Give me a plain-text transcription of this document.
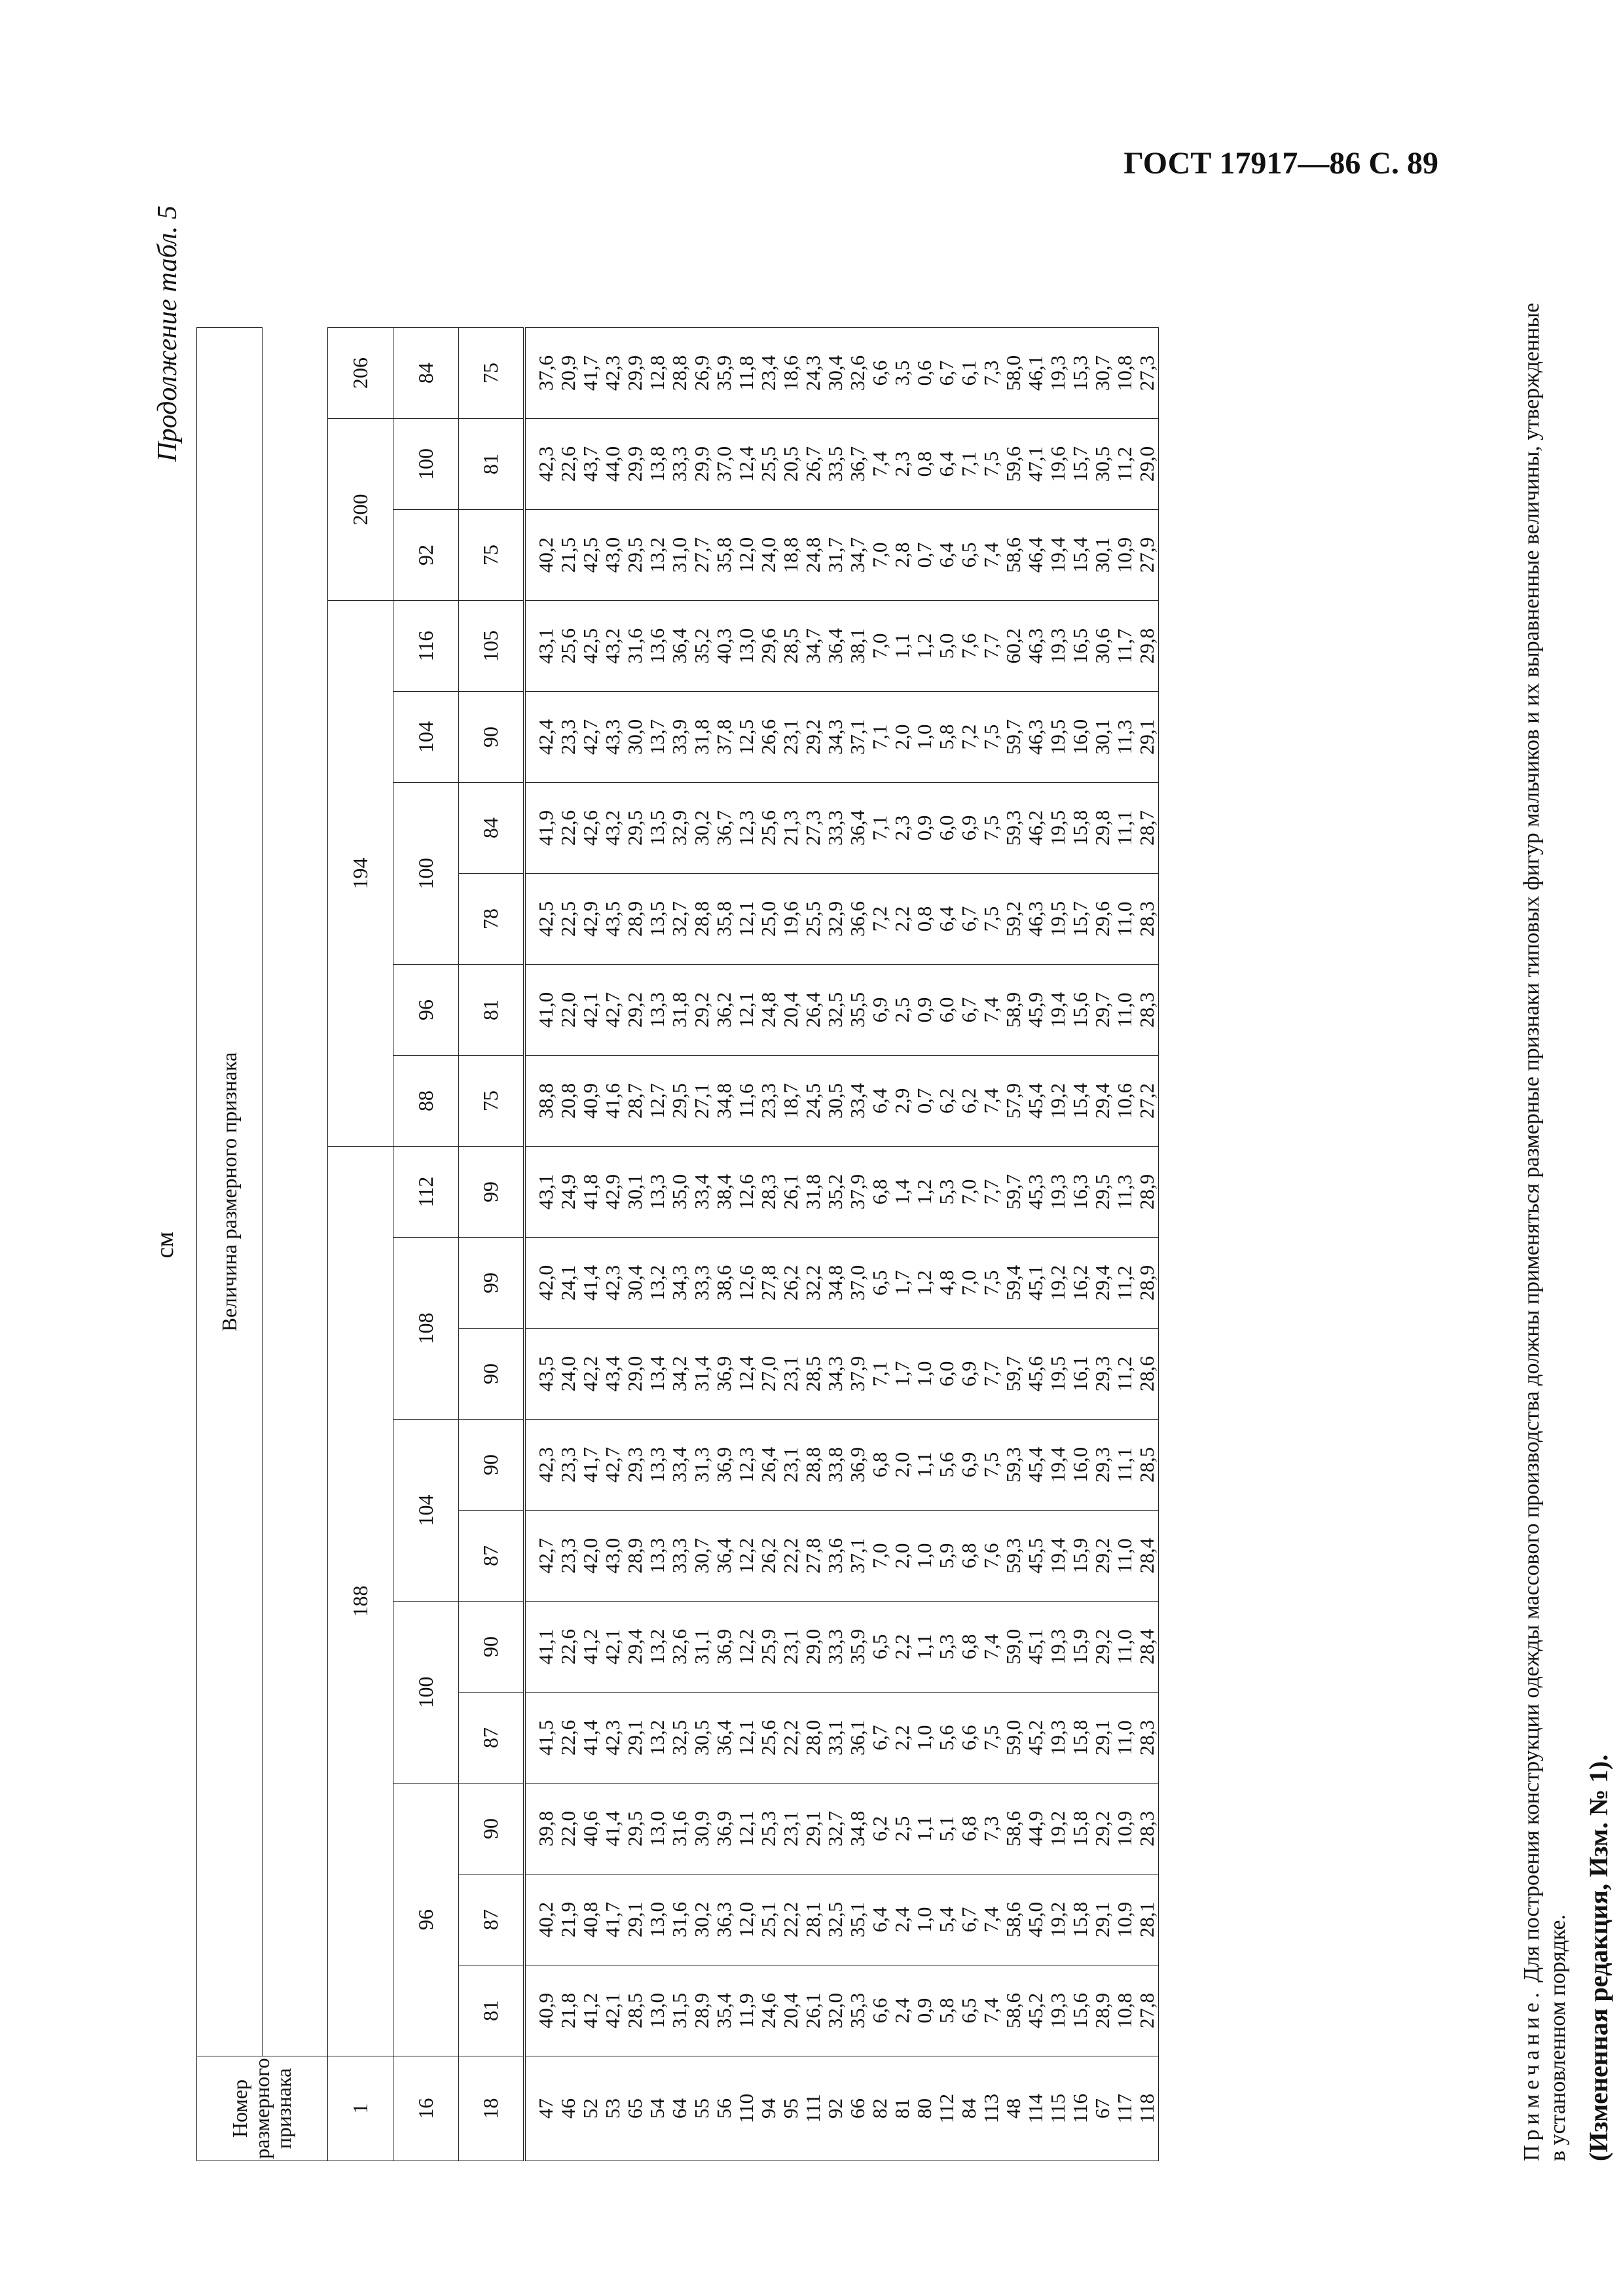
ГОСТ 17917—86 С. 89
Продолжение табл. 5
см
Номер размерного признака	Величина размерного признака																		

1	188										194						200		206
16	96			100		104		108		112	88	96	100		104	116	92	100	84
18	81	87	90	87	90	87	90	90	99	99	75	81	78	84	90	105	75	81	75
47	40,9	40,2	39,8	41,5	41,1	42,7	42,3	43,5	42,0	43,1	38,8	41,0	42,5	41,9	42,4	43,1	40,2	42,3	37,6
46	21,8	21,9	22,0	22,6	22,6	23,3	23,3	24,0	24,1	24,9	20,8	22,0	22,5	22,6	23,3	25,6	21,5	22,6	20,9
52	41,2	40,8	40,6	41,4	41,2	42,0	41,7	42,2	41,4	41,8	40,9	42,1	42,9	42,6	42,7	42,5	42,5	43,7	41,7
53	42,1	41,7	41,4	42,3	42,1	43,0	42,7	43,4	42,3	42,9	41,6	42,7	43,5	43,2	43,3	43,2	43,0	44,0	42,3
65	28,5	29,1	29,5	29,1	29,4	28,9	29,3	29,0	30,4	30,1	28,7	29,2	28,9	29,5	30,0	31,6	29,5	29,9	29,9
54	13,0	13,0	13,0	13,2	13,2	13,3	13,3	13,4	13,2	13,3	12,7	13,3	13,5	13,5	13,7	13,6	13,2	13,8	12,8
64	31,5	31,6	31,6	32,5	32,6	33,3	33,4	34,2	34,3	35,0	29,5	31,8	32,7	32,9	33,9	36,4	31,0	33,3	28,8
55	28,9	30,2	30,9	30,5	31,1	30,7	31,3	31,4	33,3	33,4	27,1	29,2	28,8	30,2	31,8	35,2	27,7	29,9	26,9
56	35,4	36,3	36,9	36,4	36,9	36,4	36,9	36,9	38,6	38,4	34,8	36,2	35,8	36,7	37,8	40,3	35,8	37,0	35,9
110	11,9	12,0	12,1	12,1	12,2	12,2	12,3	12,4	12,6	12,6	11,6	12,1	12,1	12,3	12,5	13,0	12,0	12,4	11,8
94	24,6	25,1	25,3	25,6	25,9	26,2	26,4	27,0	27,8	28,3	23,3	24,8	25,0	25,6	26,6	29,6	24,0	25,5	23,4
95	20,4	22,2	23,1	22,2	23,1	22,2	23,1	23,1	26,2	26,1	18,7	20,4	19,6	21,3	23,1	28,5	18,8	20,5	18,6
111	26,1	28,1	29,1	28,0	29,0	27,8	28,8	28,5	32,2	31,8	24,5	26,4	25,5	27,3	29,2	34,7	24,8	26,7	24,3
92	32,0	32,5	32,7	33,1	33,3	33,6	33,8	34,3	34,8	35,2	30,5	32,5	32,9	33,3	34,3	36,4	31,7	33,5	30,4
66	35,3	35,1	34,8	36,1	35,9	37,1	36,9	37,9	37,0	37,9	33,4	35,5	36,6	36,4	37,1	38,1	34,7	36,7	32,6
82	6,6	6,4	6,2	6,7	6,5	7,0	6,8	7,1	6,5	6,8	6,4	6,9	7,2	7,1	7,1	7,0	7,0	7,4	6,6
81	2,4	2,4	2,5	2,2	2,2	2,0	2,0	1,7	1,7	1,4	2,9	2,5	2,2	2,3	2,0	1,1	2,8	2,3	3,5
80	0,9	1,0	1,1	1,0	1,1	1,0	1,1	1,0	1,2	1,2	0,7	0,9	0,8	0,9	1,0	1,2	0,7	0,8	0,6
112	5,8	5,4	5,1	5,6	5,3	5,9	5,6	6,0	4,8	5,3	6,2	6,0	6,4	6,0	5,8	5,0	6,4	6,4	6,7
84	6,5	6,7	6,8	6,6	6,8	6,8	6,9	6,9	7,0	7,0	6,2	6,7	6,7	6,9	7,2	7,6	6,5	7,1	6,1
113	7,4	7,4	7,3	7,5	7,4	7,6	7,5	7,7	7,5	7,7	7,4	7,4	7,5	7,5	7,5	7,7	7,4	7,5	7,3
48	58,6	58,6	58,6	59,0	59,0	59,3	59,3	59,7	59,4	59,7	57,9	58,9	59,2	59,3	59,7	60,2	58,6	59,6	58,0
114	45,2	45,0	44,9	45,2	45,1	45,5	45,4	45,6	45,1	45,3	45,4	45,9	46,3	46,2	46,3	46,3	46,4	47,1	46,1
115	19,3	19,2	19,2	19,3	19,3	19,4	19,4	19,5	19,2	19,3	19,2	19,4	19,5	19,5	19,5	19,3	19,4	19,6	19,3
116	15,6	15,8	15,8	15,8	15,9	15,9	16,0	16,1	16,2	16,3	15,4	15,6	15,7	15,8	16,0	16,5	15,4	15,7	15,3
67	28,9	29,1	29,2	29,1	29,2	29,2	29,3	29,3	29,4	29,5	29,4	29,7	29,6	29,8	30,1	30,6	30,1	30,5	30,7
117	10,8	10,9	10,9	11,0	11,0	11,0	11,1	11,2	11,2	11,3	10,6	11,0	11,0	11,1	11,3	11,7	10,9	11,2	10,8
118	27,8	28,1	28,3	28,3	28,4	28,4	28,5	28,6	28,9	28,9	27,2	28,3	28,3	28,7	29,1	29,8	27,9	29,0	27,3
Примечание. Для построения конструкции одежды массового производства должны применяться размерные признаки типовых фигур мальчиков и их выравненные величины, утвержденные в установленном порядке. (Измененная редакция, Изм. № 1).
